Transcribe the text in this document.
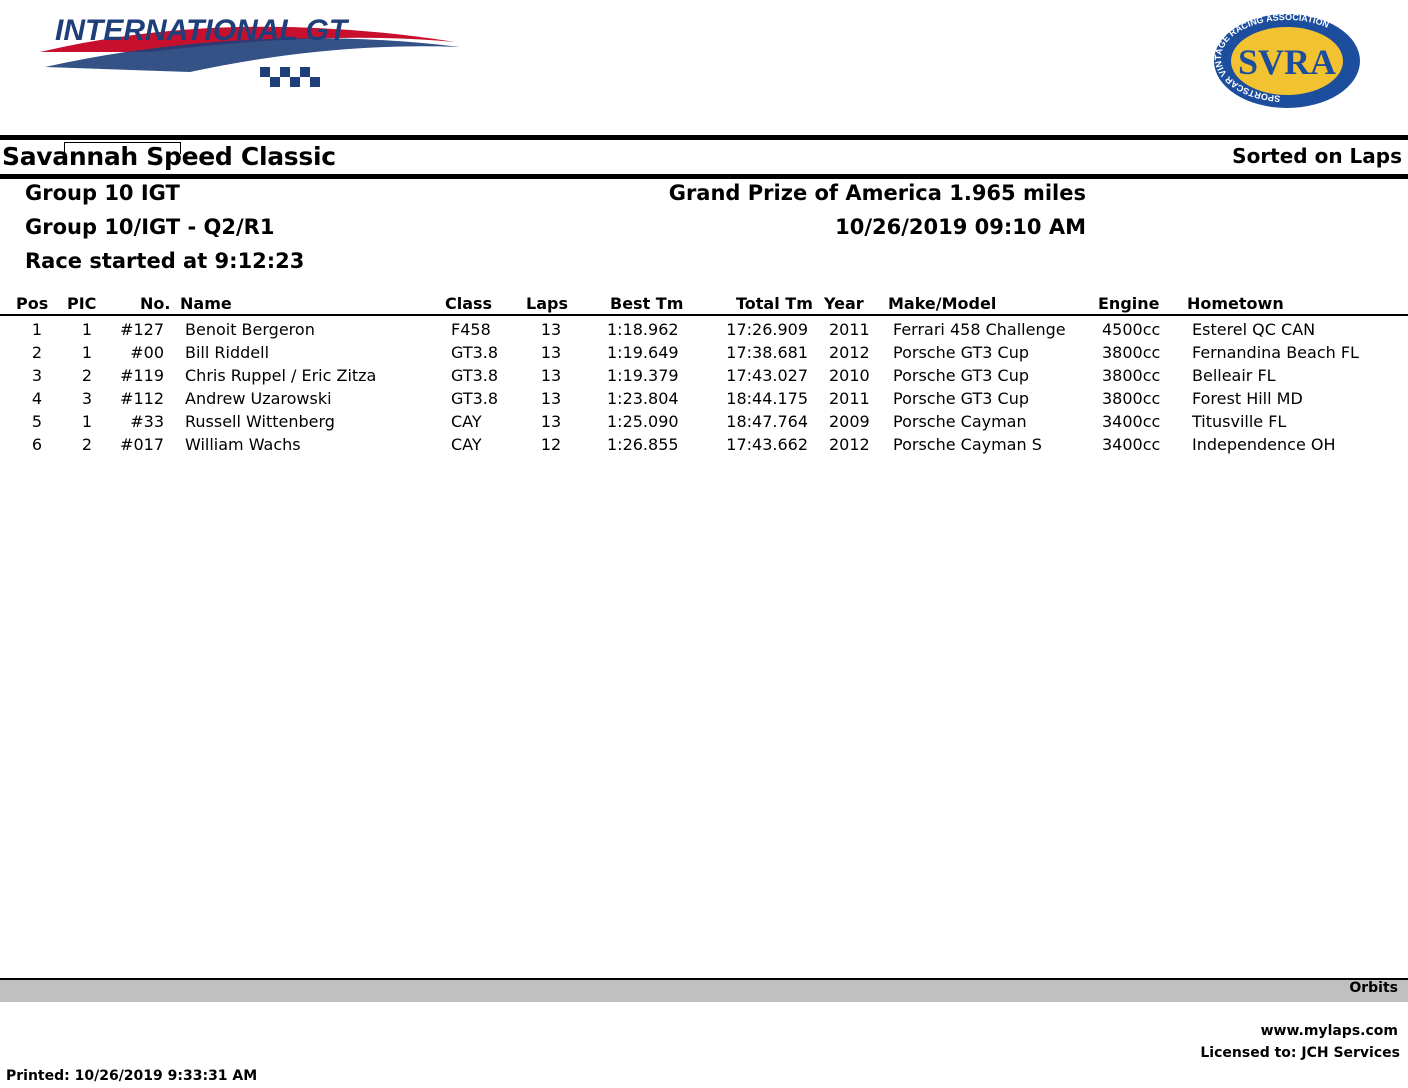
INTERNATIONAL GT
SPORTSCAR VINTAGE RACING ASSOCIATION
SVRA
Savannah Speed Classic	Sorted on Laps
Group 10 IGT
Group 10/IGT - Q2/R1
Race started at 9:12:23
Grand Prize of America 1.965 miles
10/26/2019 09:10 AM
Pos PIC	No. Name	Class Laps	Best Tm	Total Tm Year Make/Model	Engine Hometown
1 1	#127 Benoit Bergeron	F458	13	1:18.962	17:26.909 2011 Ferrari 458 Challenge 4500cc Esterel QC CAN
2 1	#00 Bill Riddell	GT3.8	13	1:19.649	17:38.681 2012 Porsche GT3 Cup	3800cc Fernandina Beach FL
3 2	#119 Chris Ruppel / Eric Zitza	GT3.8	13	1:19.379	17:43.027 2010 Porsche GT3 Cup	3800cc Belleair FL
4 3	#112 Andrew Uzarowski	GT3.8	13	1:23.804	18:44.175 2011 Porsche GT3 Cup	3800cc Forest Hill MD
5 1	#33 Russell Wittenberg	CAY	13	1:25.090	18:47.764 2009 Porsche Cayman	3400cc Titusville FL
6 2	#017 William Wachs	CAY	12	1:26.855	17:43.662 2012 Porsche Cayman S	3400cc Independence OH
Orbits
www.mylaps.com
Licensed to: JCH Services
Printed: 10/26/2019 9:33:31 AM
